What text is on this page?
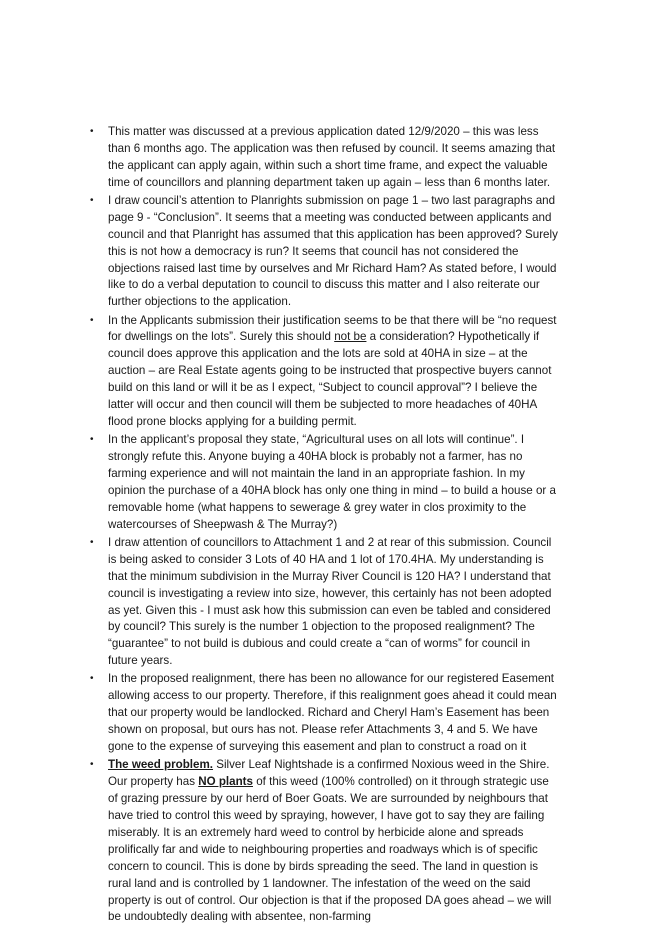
• This matter was discussed at a previous application dated 12/9/2020 – this was less than 6 months ago. The application was then refused by council. It seems amazing that the applicant can apply again, within such a short time frame, and expect the valuable time of councillors and planning department taken up again – less than 6 months later.
• I draw council’s attention to Planrights submission on page 1 – two last paragraphs and page 9 - “Conclusion”. It seems that a meeting was conducted between applicants and council and that Planright has assumed that this application has been approved? Surely this is not how a democracy is run? It seems that council has not considered the objections raised last time by ourselves and Mr Richard Ham? As stated before, I would like to do a verbal deputation to council to discuss this matter and I also reiterate our further objections to the application.
• In the Applicants submission their justification seems to be that there will be “no request for dwellings on the lots”. Surely this should not be a consideration? Hypothetically if council does approve this application and the lots are sold at 40HA in size – at the auction – are Real Estate agents going to be instructed that prospective buyers cannot build on this land or will it be as I expect, “Subject to council approval”? I believe the latter will occur and then council will them be subjected to more headaches of 40HA flood prone blocks applying for a building permit.
• In the applicant’s proposal they state, “Agricultural uses on all lots will continue”. I strongly refute this. Anyone buying a 40HA block is probably not a farmer, has no farming experience and will not maintain the land in an appropriate fashion. In my opinion the purchase of a 40HA block has only one thing in mind – to build a house or a removable home (what happens to sewerage & grey water in clos proximity to the watercourses of Sheepwash & The Murray?)
• I draw attention of councillors to Attachment 1 and 2 at rear of this submission. Council is being asked to consider 3 Lots of 40 HA and 1 lot of 170.4HA. My understanding is that the minimum subdivision in the Murray River Council is 120 HA? I understand that council is investigating a review into size, however, this certainly has not been adopted as yet. Given this - I must ask how this submission can even be tabled and considered by council? This surely is the number 1 objection to the proposed realignment? The “guarantee” to not build is dubious and could create a “can of worms” for council in future years.
• In the proposed realignment, there has been no allowance for our registered Easement allowing access to our property. Therefore, if this realignment goes ahead it could mean that our property would be landlocked. Richard and Cheryl Ham’s Easement has been shown on proposal, but ours has not. Please refer Attachments 3, 4 and 5. We have gone to the expense of surveying this easement and plan to construct a road on it
• The weed problem. Silver Leaf Nightshade is a confirmed Noxious weed in the Shire. Our property has NO plants of this weed (100% controlled) on it through strategic use of grazing pressure by our herd of Boer Goats. We are surrounded by neighbours that have tried to control this weed by spraying, however, I have got to say they are failing miserably. It is an extremely hard weed to control by herbicide alone and spreads prolifically far and wide to neighbouring properties and roadways which is of specific concern to council. This is done by birds spreading the seed. The land in question is rural land and is controlled by 1 landowner. The infestation of the weed on the said property is out of control. Our objection is that if the proposed DA goes ahead – we will be undoubtedly dealing with absentee, non-farming
